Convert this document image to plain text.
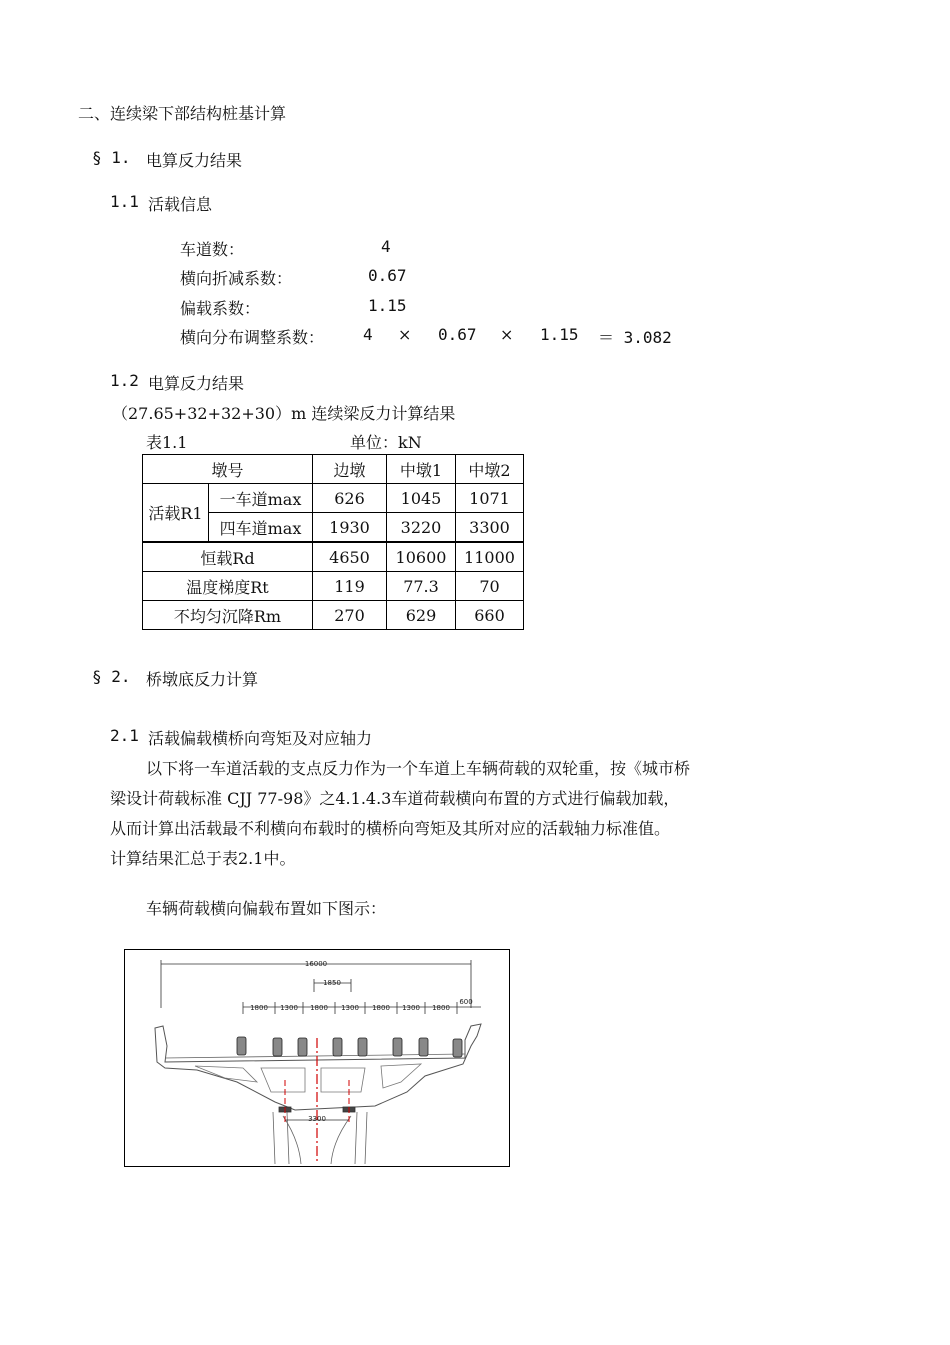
二、连续梁下部结构桩基计算
§ 1. 电算反力结果
1.1 活载信息
车道数：	4
横向折减系数：	0.67
偏载系数：	1.15
横向分布调整系数： 4 × 0.67 × 1.15 ＝ 3.082
1.2 电算反力结果
（27.65+32+32+30）m 连续梁反力计算结果
表1.1	单位：kN
墩号		边墩	中墩1	中墩2
活载R1	一车道max	626	1045	1071
	四车道max	1930	3220	3300
恒载Rd		4650	10600	11000
温度梯度Rt		119	77.3	70
不均匀沉降Rm		270	629	660
§ 2. 桥墩底反力计算
2.1 活载偏载横桥向弯矩及对应轴力
以下将一车道活载的支点反力作为一个车道上车辆荷载的双轮重，按《城市桥
梁设计荷载标准 CJJ 77-98》之4.1.4.3车道荷载横向布置的方式进行偏载加载，
从而计算出活载最不利横向布载时的横桥向弯矩及其所对应的活载轴力标准值。
计算结果汇总于表2.1中。
车辆荷载横向偏载布置如下图示：
16000
1850
1800 1300 1800 1300 1800 1300 1800
600
3300
